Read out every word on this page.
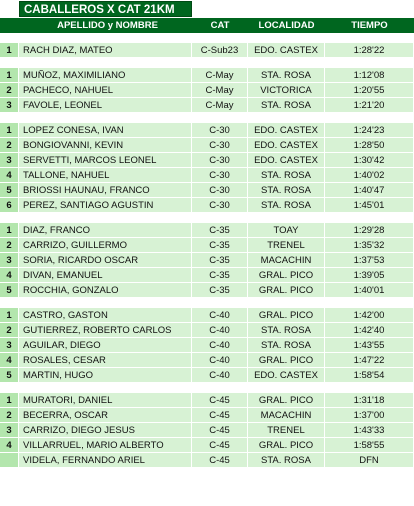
CABALLEROS X CAT 21KM
APELLIDO y NOMBRE	CAT	LOCALIDAD	TIEMPO
1	RACH DIAZ, MATEO	C-Sub23	EDO. CASTEX	1:28'22
1	MUÑOZ, MAXIMILIANO	C-May	STA. ROSA	1:12'08
2	PACHECO, NAHUEL	C-May	VICTORICA	1:20'55
3	FAVOLE, LEONEL	C-May	STA. ROSA	1:21'20
1	LOPEZ CONESA, IVAN	C-30	EDO. CASTEX	1:24'23
2	BONGIOVANNI, KEVIN	C-30	EDO. CASTEX	1:28'50
3	SERVETTI, MARCOS LEONEL	C-30	EDO. CASTEX	1:30'42
4	TALLONE, NAHUEL	C-30	STA. ROSA	1:40'02
5	BRIOSSI HAUNAU, FRANCO	C-30	STA. ROSA	1:40'47
6	PEREZ, SANTIAGO AGUSTIN	C-30	STA. ROSA	1:45'01
1	DIAZ, FRANCO	C-35	TOAY	1:29'28
2	CARRIZO, GUILLERMO	C-35	TRENEL	1:35'32
3	SORIA, RICARDO OSCAR	C-35	MACACHIN	1:37'53
4	DIVAN, EMANUEL	C-35	GRAL. PICO	1:39'05
5	ROCCHIA, GONZALO	C-35	GRAL. PICO	1:40'01
1	CASTRO, GASTON	C-40	GRAL. PICO	1:42'00
2	GUTIERREZ, ROBERTO CARLOS	C-40	STA. ROSA	1:42'40
3	AGUILAR, DIEGO	C-40	STA. ROSA	1:43'55
4	ROSALES, CESAR	C-40	GRAL. PICO	1:47'22
5	MARTIN, HUGO	C-40	EDO. CASTEX	1:58'54
1	MURATORI, DANIEL	C-45	GRAL. PICO	1:31'18
2	BECERRA, OSCAR	C-45	MACACHIN	1:37'00
3	CARRIZO, DIEGO JESUS	C-45	TRENEL	1:43'33
4	VILLARRUEL, MARIO ALBERTO	C-45	GRAL. PICO	1:58'55
VIDELA, FERNANDO ARIEL	C-45	STA. ROSA	DFN
